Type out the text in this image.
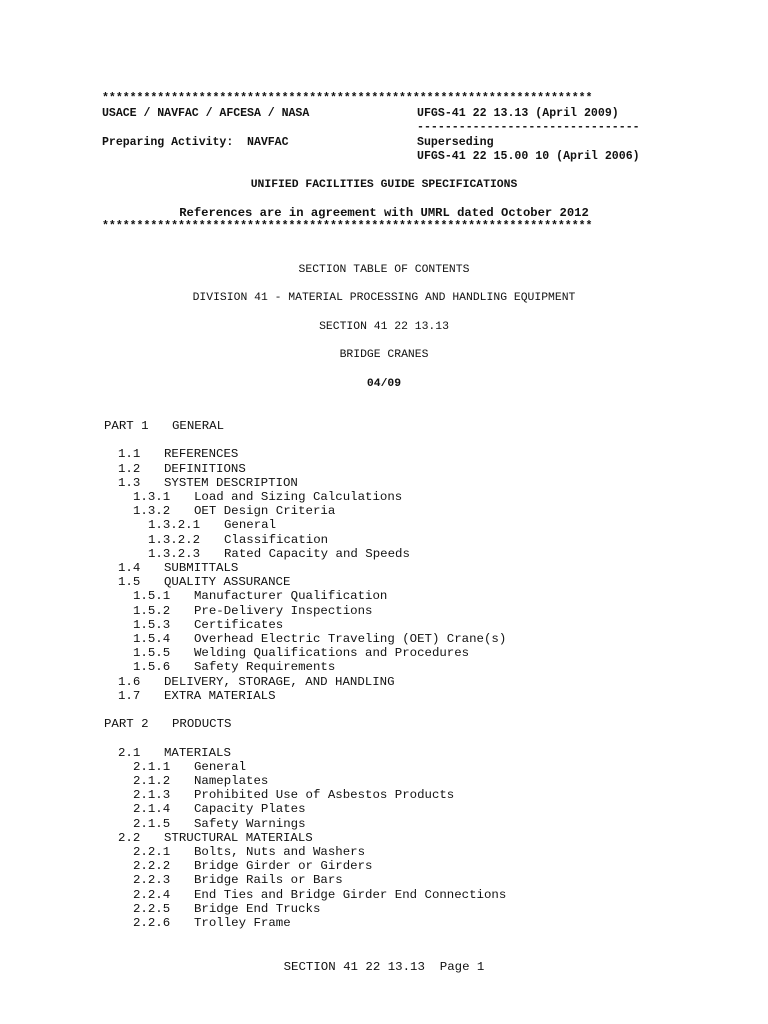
***********************************************************************
USACE / NAVFAC / AFCESA / NASA	UFGS-41 22 13.13 (April 2009)
--------------------------------
Preparing Activity:  NAVFAC	Superseding
UFGS-41 22 15.00 10 (April 2006)
UNIFIED FACILITIES GUIDE SPECIFICATIONS
References are in agreement with UMRL dated October 2012
***********************************************************************
SECTION TABLE OF CONTENTS
DIVISION 41 - MATERIAL PROCESSING AND HANDLING EQUIPMENT
SECTION 41 22 13.13
BRIDGE CRANES
04/09
PART 1 GENERAL
1.1 REFERENCES
1.2 DEFINITIONS
1.3 SYSTEM DESCRIPTION
1.3.1 Load and Sizing Calculations
1.3.2 OET Design Criteria
1.3.2.1 General
1.3.2.2 Classification
1.3.2.3 Rated Capacity and Speeds
1.4 SUBMITTALS
1.5 QUALITY ASSURANCE
1.5.1 Manufacturer Qualification
1.5.2 Pre-Delivery Inspections
1.5.3 Certificates
1.5.4 Overhead Electric Traveling (OET) Crane(s)
1.5.5 Welding Qualifications and Procedures
1.5.6 Safety Requirements
1.6 DELIVERY, STORAGE, AND HANDLING
1.7 EXTRA MATERIALS
PART 2 PRODUCTS
2.1 MATERIALS
2.1.1 General
2.1.2 Nameplates
2.1.3 Prohibited Use of Asbestos Products
2.1.4 Capacity Plates
2.1.5 Safety Warnings
2.2 STRUCTURAL MATERIALS
2.2.1 Bolts, Nuts and Washers
2.2.2 Bridge Girder or Girders
2.2.3 Bridge Rails or Bars
2.2.4 End Ties and Bridge Girder End Connections
2.2.5 Bridge End Trucks
2.2.6 Trolley Frame
SECTION 41 22 13.13  Page 1
